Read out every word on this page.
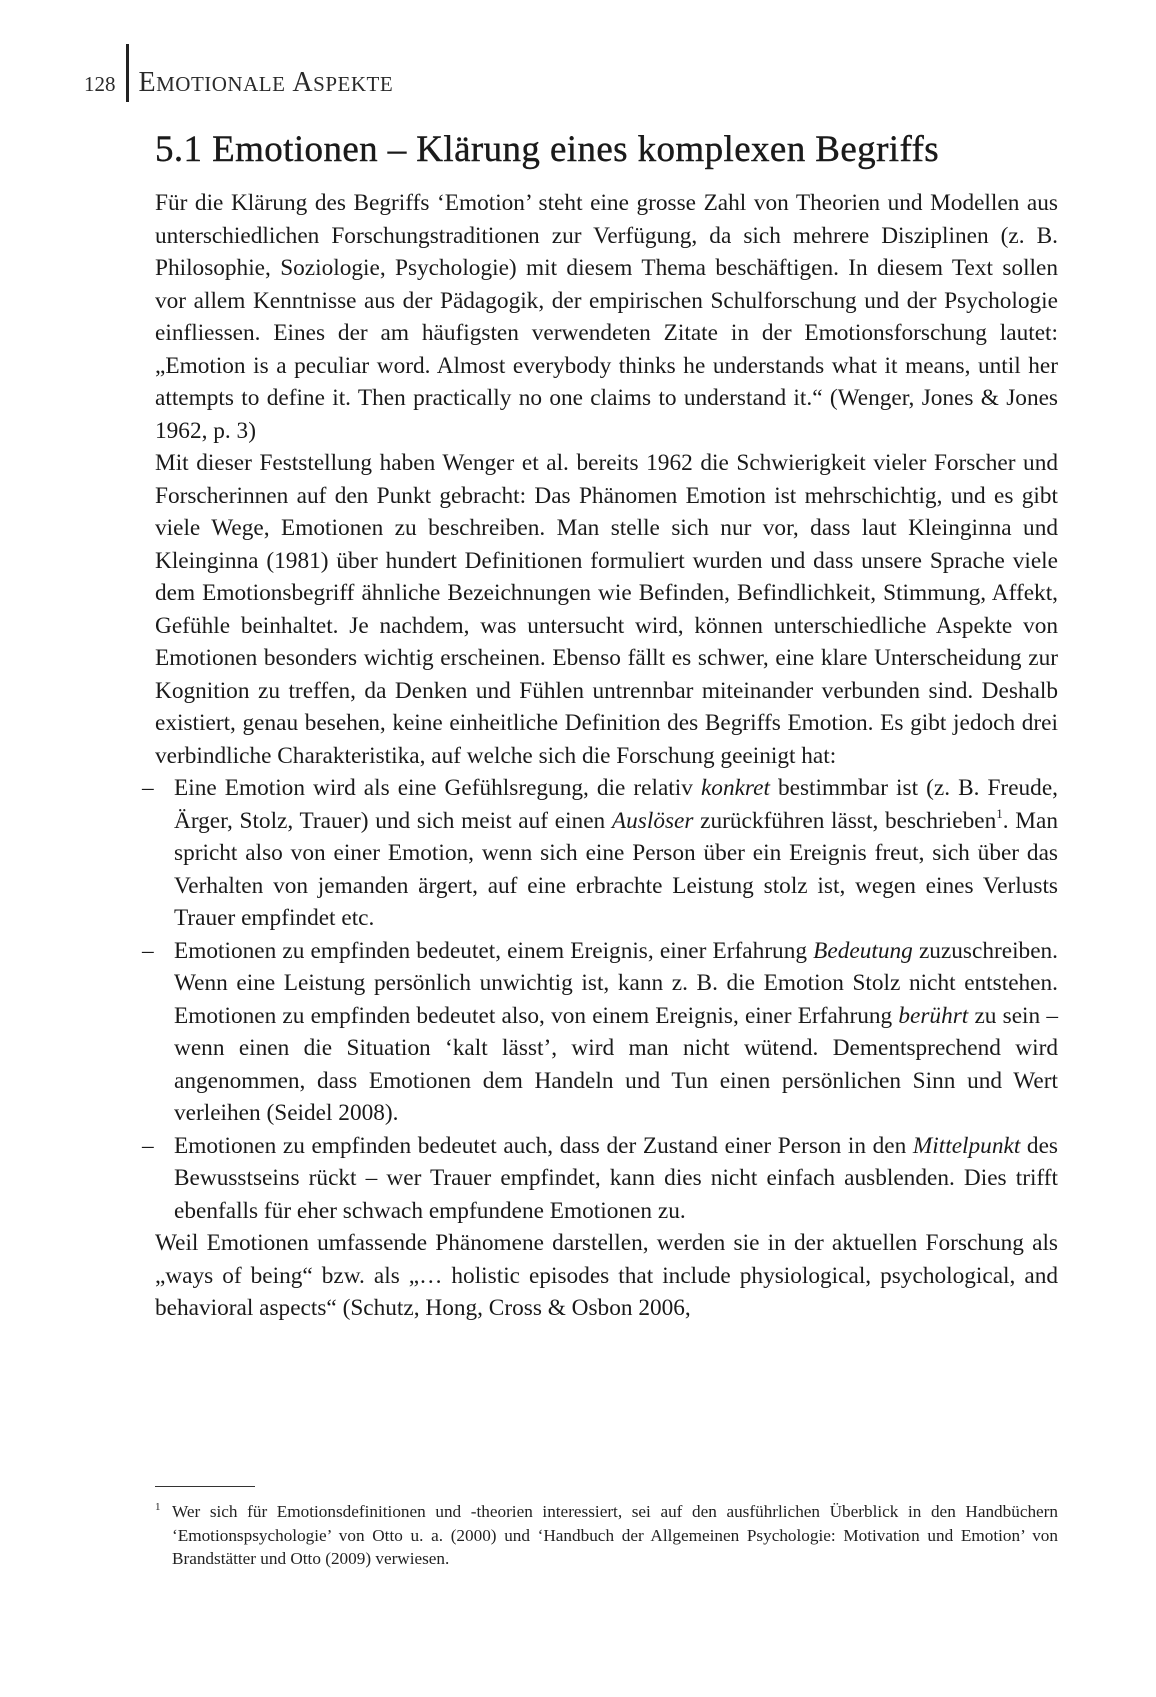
128 EMOTIONALE ASPEKTE
5.1 Emotionen – Klärung eines komplexen Begriffs

Für die Klärung des Begriffs ‘Emotion’ steht eine grosse Zahl von Theorien und Modellen aus unterschiedlichen Forschungstraditionen zur Verfügung, da sich mehrere Disziplinen (z. B. Philosophie, Soziologie, Psychologie) mit diesem Thema beschäftigen. In diesem Text sollen vor allem Kenntnisse aus der Pädagogik, der empirischen Schulforschung und der Psychologie einfliessen. Eines der am häufigsten verwendeten Zitate in der Emotionsforschung lautet: „Emotion is a peculiar word. Almost everybody thinks he understands what it means, until her attempts to define it. Then practically no one claims to understand it.“ (Wenger, Jones & Jones 1962, p. 3)

Mit dieser Feststellung haben Wenger et al. bereits 1962 die Schwierigkeit vieler Forscher und Forscherinnen auf den Punkt gebracht: Das Phänomen Emotion ist mehrschichtig, und es gibt viele Wege, Emotionen zu beschreiben. Man stelle sich nur vor, dass laut Kleinginna und Kleinginna (1981) über hundert Definitionen formuliert wurden und dass unsere Sprache viele dem Emotionsbegriff ähnliche Bezeichnungen wie Befinden, Befindlichkeit, Stimmung, Affekt, Gefühle beinhaltet. Je nachdem, was untersucht wird, können unterschiedliche Aspekte von Emotionen besonders wichtig erscheinen. Ebenso fällt es schwer, eine klare Unterscheidung zur Kognition zu treffen, da Denken und Fühlen untrennbar miteinander verbunden sind. Deshalb existiert, genau besehen, keine einheitliche Definition des Begriffs Emotion. Es gibt jedoch drei verbindliche Charakteristika, auf welche sich die Forschung geeinigt hat:

– Eine Emotion wird als eine Gefühlsregung, die relativ konkret bestimmbar ist (z. B. Freude, Ärger, Stolz, Trauer) und sich meist auf einen Auslöser zurückführen lässt, beschrieben$^1$. Man spricht also von einer Emotion, wenn sich eine Person über ein Ereignis freut, sich über das Verhalten von jemanden ärgert, auf eine erbrachte Leistung stolz ist, wegen eines Verlusts Trauer empfindet etc.
– Emotionen zu empfinden bedeutet, einem Ereignis, einer Erfahrung Bedeutung zuzuschreiben. Wenn eine Leistung persönlich unwichtig ist, kann z. B. die Emotion Stolz nicht entstehen. Emotionen zu empfinden bedeutet also, von einem Ereignis, einer Erfahrung berührt zu sein – wenn einen die Situation ‘kalt lässt’, wird man nicht wütend. Dementsprechend wird angenommen, dass Emotionen dem Handeln und Tun einen persönlichen Sinn und Wert verleihen (Seidel 2008).
– Emotionen zu empfinden bedeutet auch, dass der Zustand einer Person in den Mittelpunkt des Bewusstseins rückt – wer Trauer empfindet, kann dies nicht einfach ausblenden. Dies trifft ebenfalls für eher schwach empfundene Emotionen zu.

Weil Emotionen umfassende Phänomene darstellen, werden sie in der aktuellen Forschung als „ways of being“ bzw. als „… holistic episodes that include physiological, psychological, and behavioral aspects“ (Schutz, Hong, Cross & Osbon 2006,

1 Wer sich für Emotionsdefinitionen und -theorien interessiert, sei auf den ausführlichen Überblick in den Handbüchern ‘Emotionspsychologie’ von Otto u. a. (2000) und ‘Handbuch der Allgemeinen Psychologie: Motivation und Emotion’ von Brandstätter und Otto (2009) verwiesen.
